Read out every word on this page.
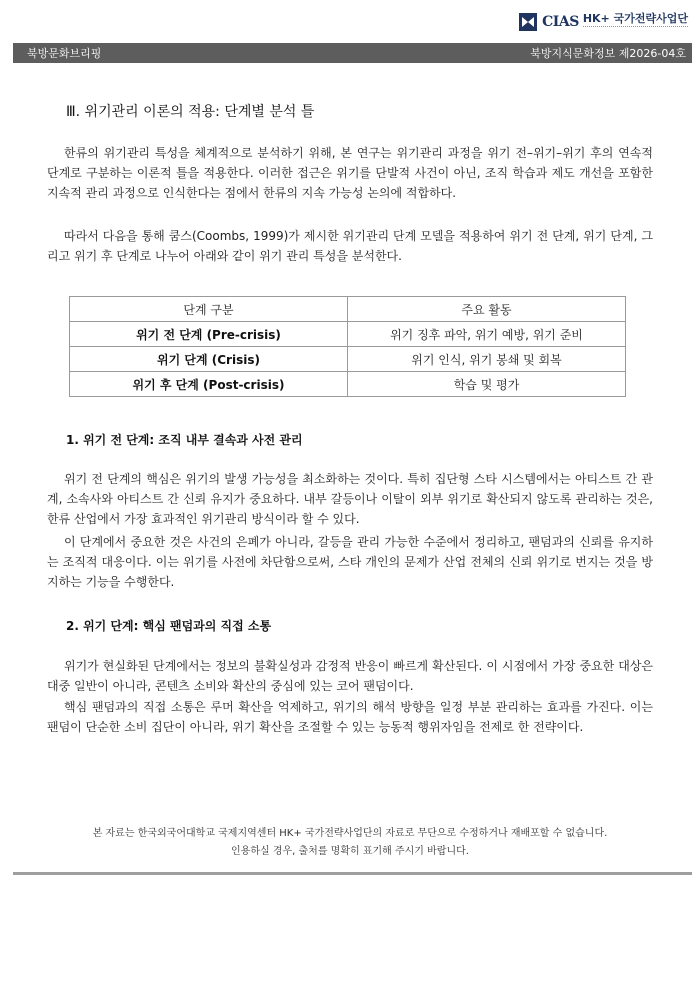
CIAS HK+ 국가전략사업단
북방문화브리핑	북방지식문화정보 제2026-04호
Ⅲ. 위기관리 이론의 적용: 단계별 분석 틀

한류의 위기관리 특성을 체계적으로 분석하기 위해, 본 연구는 위기관리 과정을 위기 전–위기–위기 후의 연속적 단계로 구분하는 이론적 틀을 적용한다. 이러한 접근은 위기를 단발적 사건이 아닌, 조직 학습과 제도 개선을 포함한 지속적 관리 과정으로 인식한다는 점에서 한류의 지속 가능성 논의에 적합하다.

따라서 다음을 통해 쿰스(Coombs, 1999)가 제시한 위기관리 단계 모델을 적용하여 위기 전 단계, 위기 단계, 그리고 위기 후 단계로 나누어 아래와 같이 위기 관리 특성을 분석한다.

단계 구분	주요 활동
위기 전 단계 (Pre-crisis)	위기 징후 파악, 위기 예방, 위기 준비
위기 단계 (Crisis)	위기 인식, 위기 봉쇄 및 회복
위기 후 단계 (Post-crisis)	학습 및 평가
1. 위기 전 단계: 조직 내부 결속과 사전 관리

위기 전 단계의 핵심은 위기의 발생 가능성을 최소화하는 것이다. 특히 집단형 스타 시스템에서는 아티스트 간 관계, 소속사와 아티스트 간 신뢰 유지가 중요하다. 내부 갈등이나 이탈이 외부 위기로 확산되지 않도록 관리하는 것은, 한류 산업에서 가장 효과적인 위기관리 방식이라 할 수 있다.

이 단계에서 중요한 것은 사건의 은폐가 아니라, 갈등을 관리 가능한 수준에서 정리하고, 팬덤과의 신뢰를 유지하는 조직적 대응이다. 이는 위기를 사전에 차단함으로써, 스타 개인의 문제가 산업 전체의 신뢰 위기로 번지는 것을 방지하는 기능을 수행한다.

2. 위기 단계: 핵심 팬덤과의 직접 소통

위기가 현실화된 단계에서는 정보의 불확실성과 감정적 반응이 빠르게 확산된다. 이 시점에서 가장 중요한 대상은 대중 일반이 아니라, 콘텐츠 소비와 확산의 중심에 있는 코어 팬덤이다.

핵심 팬덤과의 직접 소통은 루머 확산을 억제하고, 위기의 해석 방향을 일정 부분 관리하는 효과를 가진다. 이는 팬덤이 단순한 소비 집단이 아니라, 위기 확산을 조절할 수 있는 능동적 행위자임을 전제로 한 전략이다.

본 자료는 한국외국어대학교 국제지역센터 HK+ 국가전략사업단의 자료로 무단으로 수정하거나 재배포할 수 없습니다.
인용하실 경우, 출처를 명확히 표기해 주시기 바랍니다.
